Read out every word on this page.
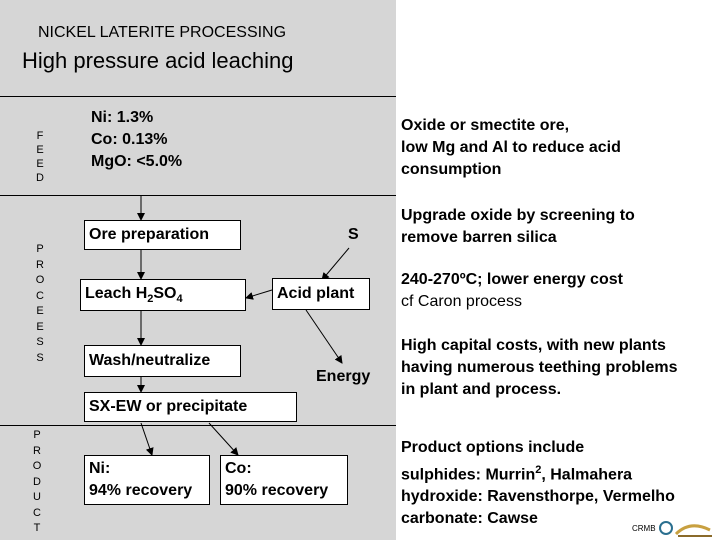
NICKEL LATERITE PROCESSING
High pressure acid leaching
F
E
E
D
P
R
O
C
E
E
S
S
P
R
O
D
U
C
T
Ni: 1.3%
Co: 0.13%
MgO: <5.0%
Ore preparation
Leach $H_2SO_4$
Wash/neutralize
SX-EW or precipitate
Acid plant
S
Energy
Ni:
94% recovery
Co:
90% recovery
Oxide or smectite ore,
low Mg and Al to reduce acid
consumption
Upgrade oxide by screening to
remove barren silica
240-270ºC; lower energy cost
cf Caron process
High capital costs, with new plants
having numerous teething problems
in plant and process.
Product options include
sulphides: Murrin$^2$, Halmahera
hydroxide: Ravensthorpe, Vermelho
carbonate: Cawse
CRMB
